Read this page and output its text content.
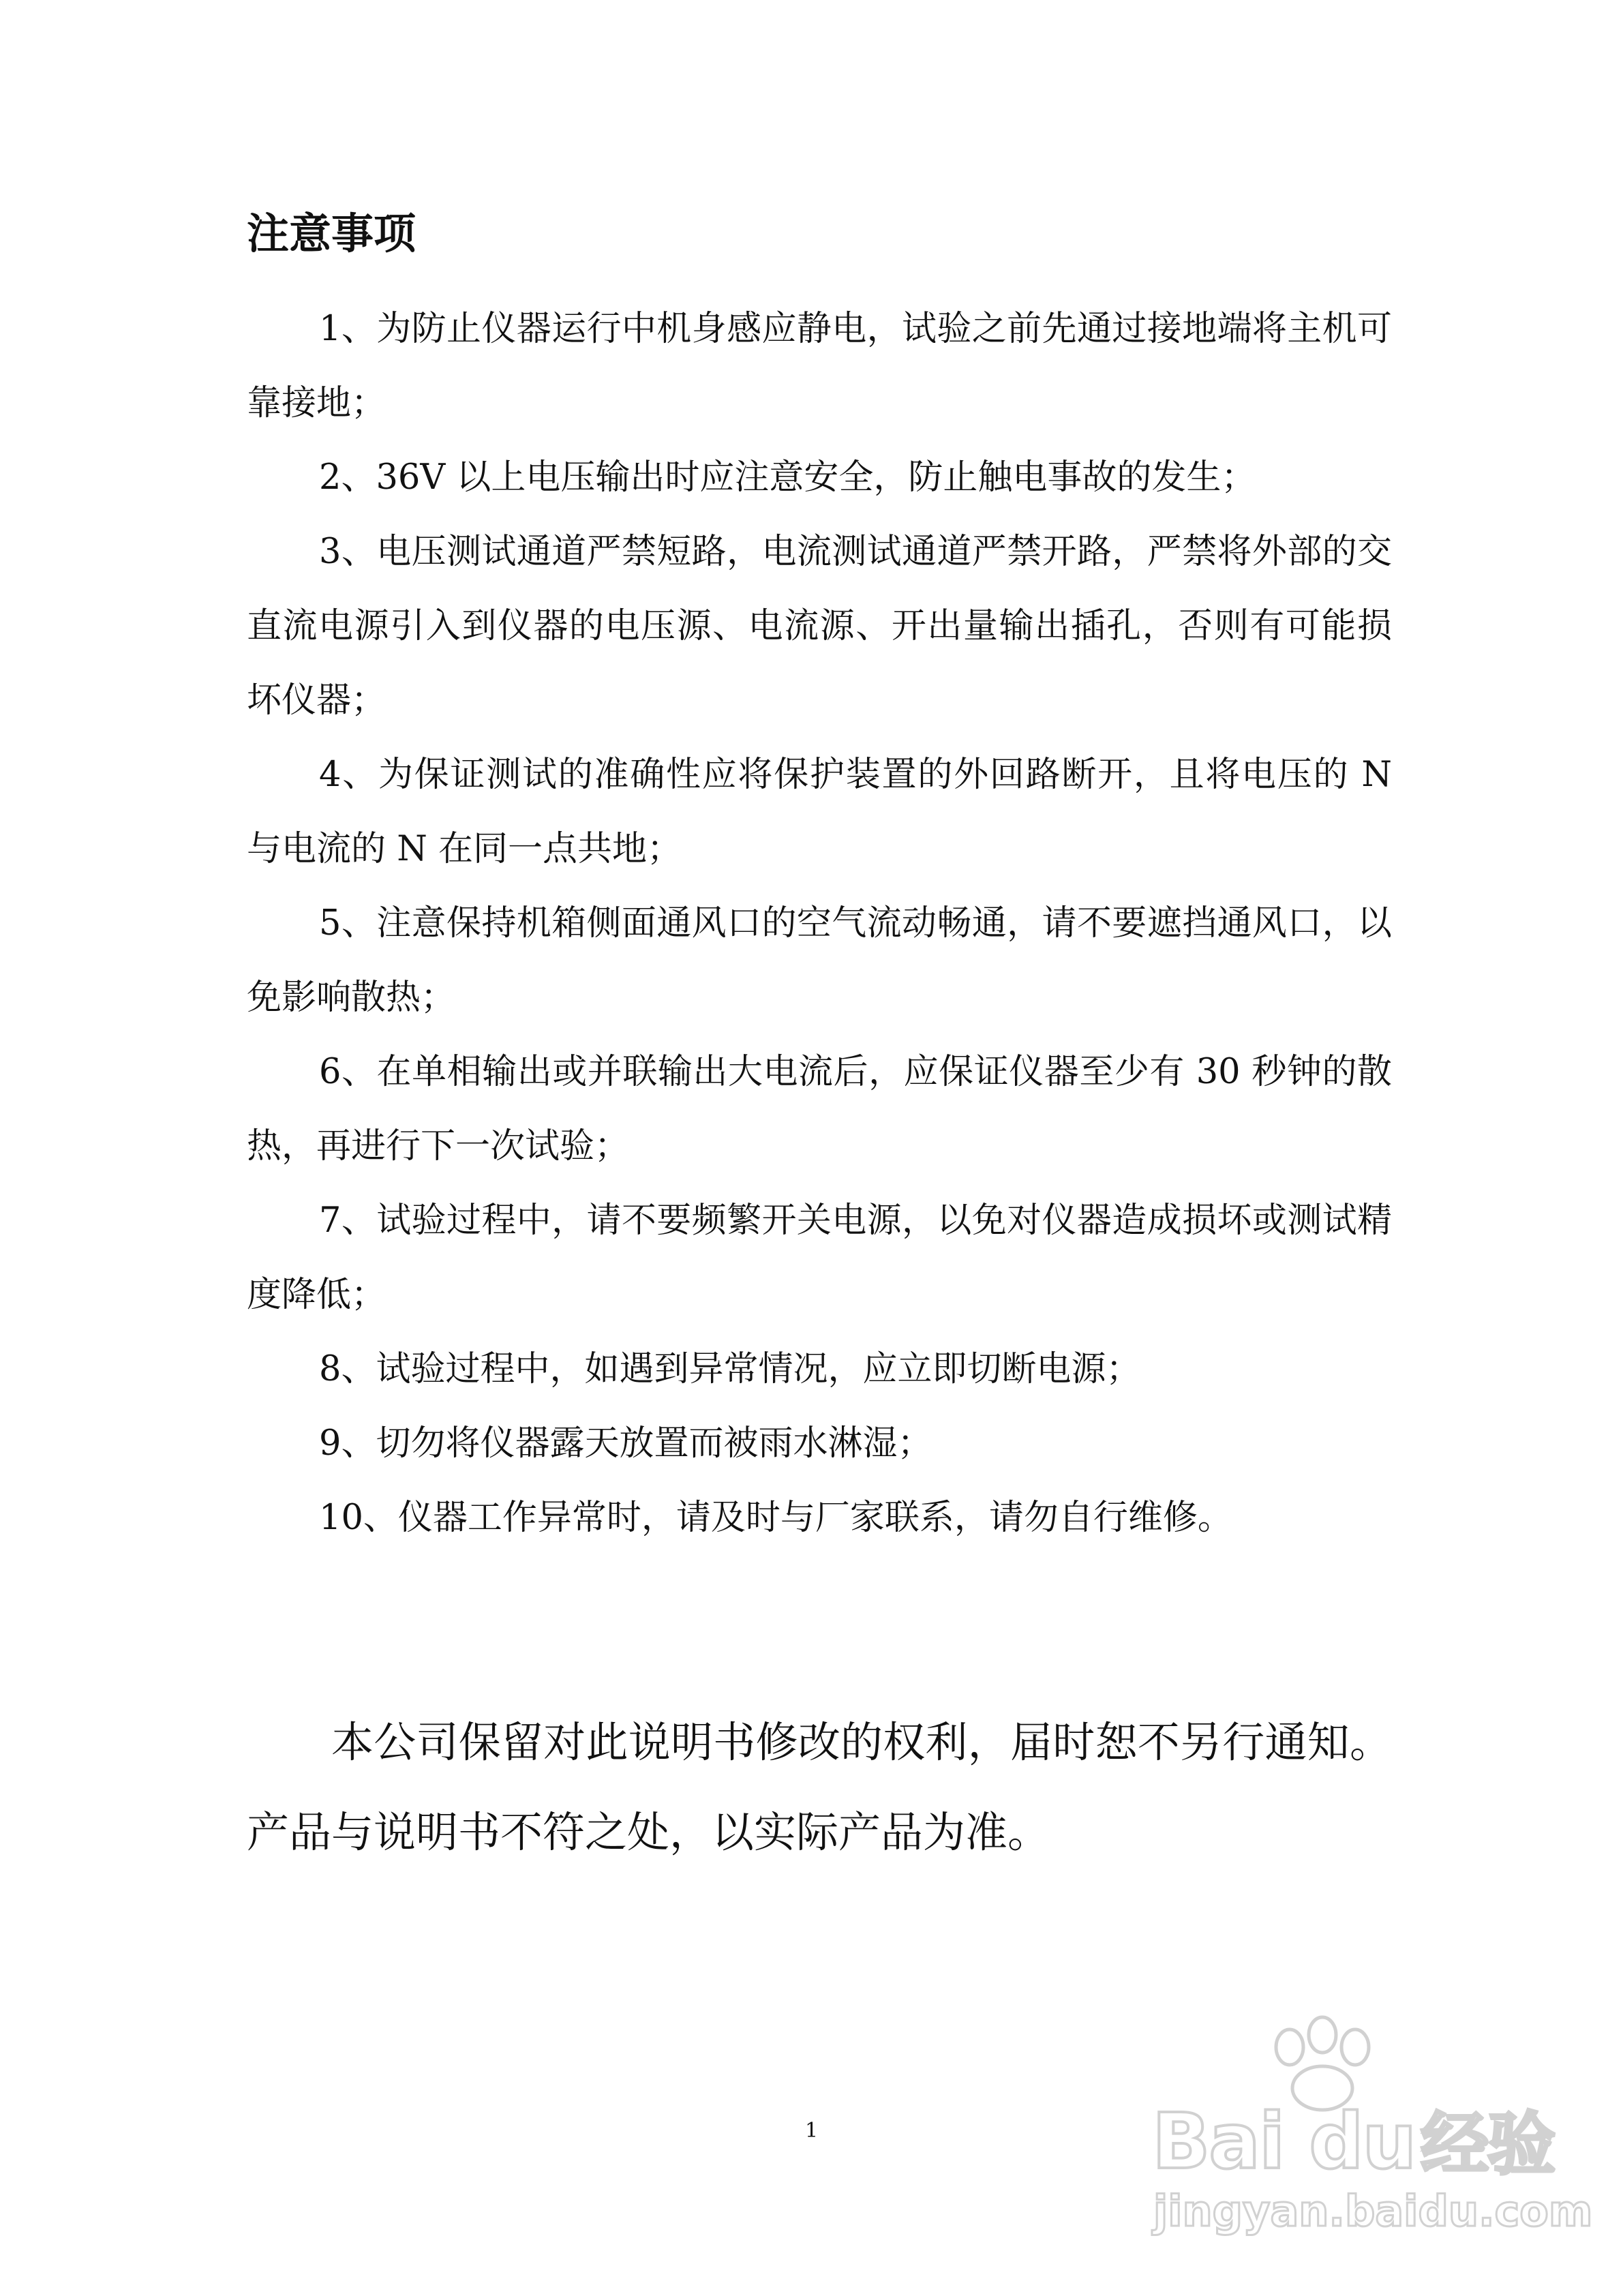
注意事项

1、为防止仪器运行中机身感应静电，试验之前先通过接地端将主机可靠接地；

2、36V 以上电压输出时应注意安全，防止触电事故的发生；

3、电压测试通道严禁短路，电流测试通道严禁开路，严禁将外部的交直流电源引入到仪器的电压源、电流源、开出量输出插孔，否则有可能损坏仪器；

4、为保证测试的准确性应将保护装置的外回路断开，且将电压的 N 与电流的 N 在同一点共地；

5、注意保持机箱侧面通风口的空气流动畅通，请不要遮挡通风口，以免影响散热；

6、在单相输出或并联输出大电流后，应保证仪器至少有 30 秒钟的散热，再进行下一次试验；

7、试验过程中，请不要频繁开关电源，以免对仪器造成损坏或测试精度降低；

8、试验过程中，如遇到异常情况，应立即切断电源；

9、切勿将仪器露天放置而被雨水淋湿；

10、仪器工作异常时，请及时与厂家联系，请勿自行维修。

本公司保留对此说明书修改的权利，届时恕不另行通知。产品与说明书不符之处，以实际产品为准。

1	Bai du经验
jingyan.baidu.com
